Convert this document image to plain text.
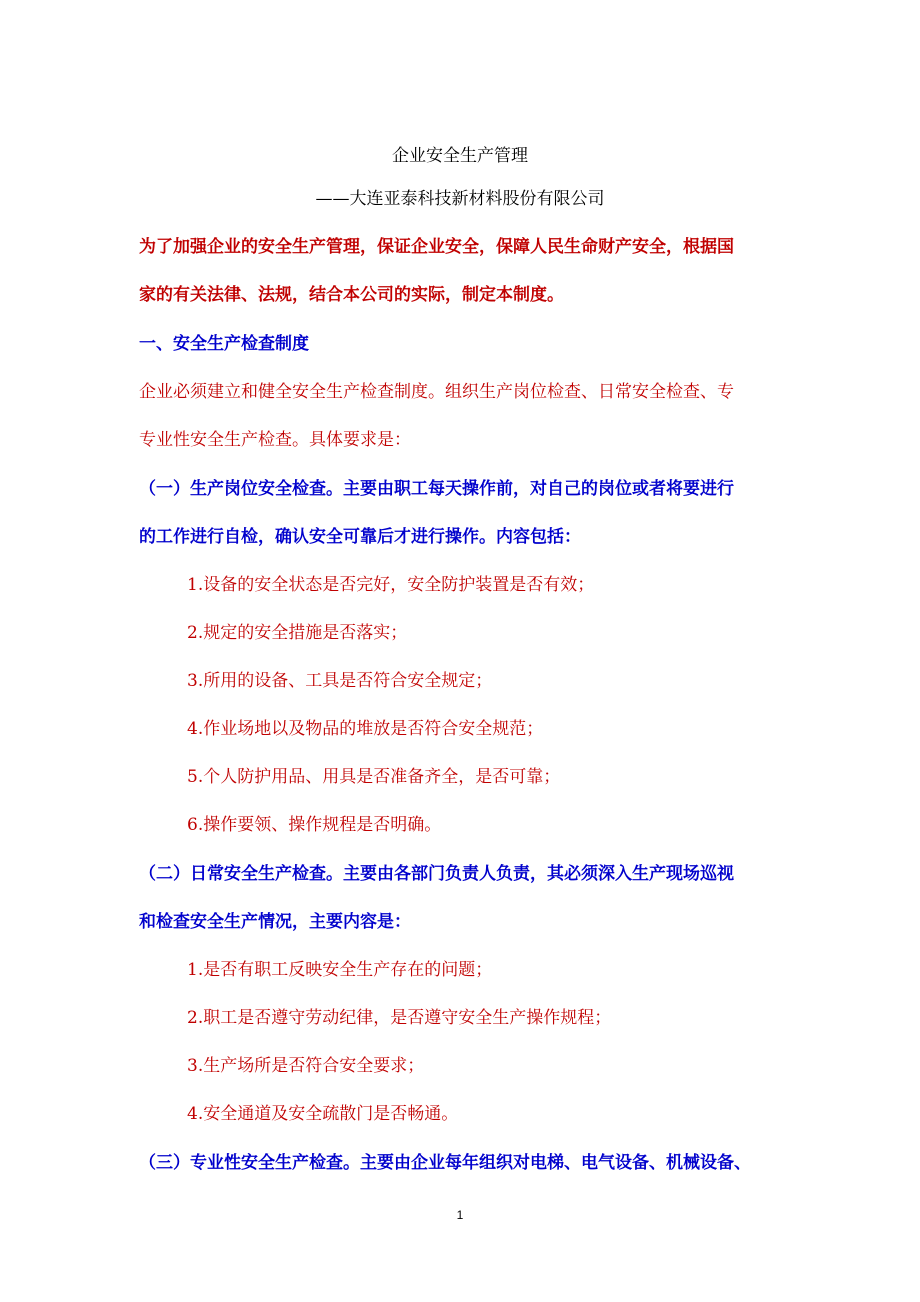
企业安全生产管理
——大连亚泰科技新材料股份有限公司
为了加强企业的安全生产管理，保证企业安全，保障人民生命财产安全，根据国
家的有关法律、法规，结合本公司的实际，制定本制度。
一、安全生产检查制度
企业必须建立和健全安全生产检查制度。组织生产岗位检查、日常安全检查、专
专业性安全生产检查。具体要求是：
（一）生产岗位安全检查。主要由职工每天操作前，对自己的岗位或者将要进行
的工作进行自检，确认安全可靠后才进行操作。内容包括：
1.设备的安全状态是否完好，安全防护装置是否有效；
2.规定的安全措施是否落实；
3.所用的设备、工具是否符合安全规定；
4.作业场地以及物品的堆放是否符合安全规范；
5.个人防护用品、用具是否准备齐全，是否可靠；
6.操作要领、操作规程是否明确。
（二）日常安全生产检查。主要由各部门负责人负责，其必须深入生产现场巡视
和检查安全生产情况，主要内容是：
1.是否有职工反映安全生产存在的问题；
2.职工是否遵守劳动纪律，是否遵守安全生产操作规程；
3.生产场所是否符合安全要求；
4.安全通道及安全疏散门是否畅通。
（三）专业性安全生产检查。主要由企业每年组织对电梯、电气设备、机械设备、
1
